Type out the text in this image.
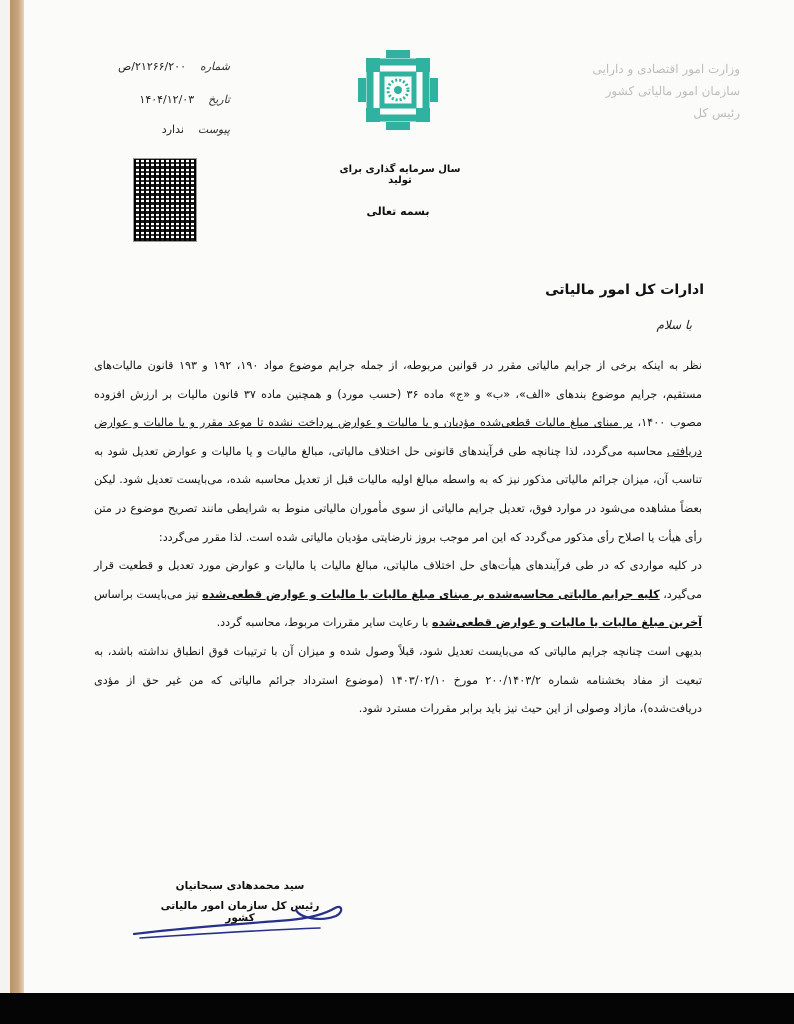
وزارت امور اقتصادی و دارایی
سازمان امور مالیاتی کشور
رئیس کل
سال سرمایه گذاری برای تولید
بسمه تعالی
شماره    ۲۱۲۶۶/۲۰۰/ص
تاریخ    ۱۴۰۴/۱۲/۰۳
پیوست    ندارد
ادارات کل امور مالیاتی
با سلام

نظر به اینکه برخی از جرایم مالیاتی مقرر در قوانین مربوطه، از جمله جرایم موضوع مواد ۱۹۰، ۱۹۲ و ۱۹۳ قانون مالیات‌های مستقیم، جرایم موضوع بندهای «الف»، «ب» و «ج» ماده ۳۶ (حسب مورد) و همچنین ماده ۳۷ قانون مالیات بر ارزش افزوده مصوب ۱۴۰۰، بر مبنای مبلغ مالیات قطعی‌شده مؤدیان و یا مالیات و عوارض پرداخت نشده تا موعد مقرر و یا مالیات و عوارض دریافتی محاسبه می‌گردد، لذا چنانچه طی فرآیندهای قانونی حل اختلاف مالیاتی، مبالغ مالیات و یا مالیات و عوارض تعدیل شود به تناسب آن، میزان جرائم مالیاتی مذکور نیز که به واسطه مبالغ اولیه مالیات قبل از تعدیل محاسبه شده، می‌بایست تعدیل شود. لیکن بعضاً مشاهده می‌شود در موارد فوق، تعدیل جرایم مالیاتی از سوی مأموران مالیاتی منوط به شرایطی مانند تصریح موضوع در متن رأی هیأت یا اصلاح رأی مذکور می‌گردد که این امر موجب بروز نارضایتی مؤدیان مالیاتی شده است. لذا مقرر می‌گردد:

در کلیه مواردی که در طی فرآیندهای هیأت‌های حل اختلاف مالیاتی، مبالغ مالیات یا مالیات و عوارض مورد تعدیل و قطعیت قرار می‌گیرد، کلیه جرایم مالیاتی محاسبه‌شده بر مبنای مبلغ مالیات یا مالیات و عوارض قطعی‌شده نیز می‌بایست براساس آخرین مبلغ مالیات یا مالیات و عوارض قطعی‌شده با رعایت سایر مقررات مربوط، محاسبه گردد.

بدیهی است چنانچه جرایم مالیاتی که می‌بایست تعدیل شود، قبلاً وصول شده و میزان آن با ترتیبات فوق انطباق نداشته باشد، به تبعیت از مفاد بخشنامه شماره ۲۰۰/۱۴۰۳/۲ مورخ ۱۴۰۳/۰۲/۱۰ (موضوع استرداد جرائم مالیاتی که من غیر حق از مؤدی دریافت‌شده)، مازاد وصولی از این حیث نیز باید برابر مقررات مسترد شود.

سید محمدهادی سبحانیان
رئیس کل سازمان امور مالیاتی کشور
